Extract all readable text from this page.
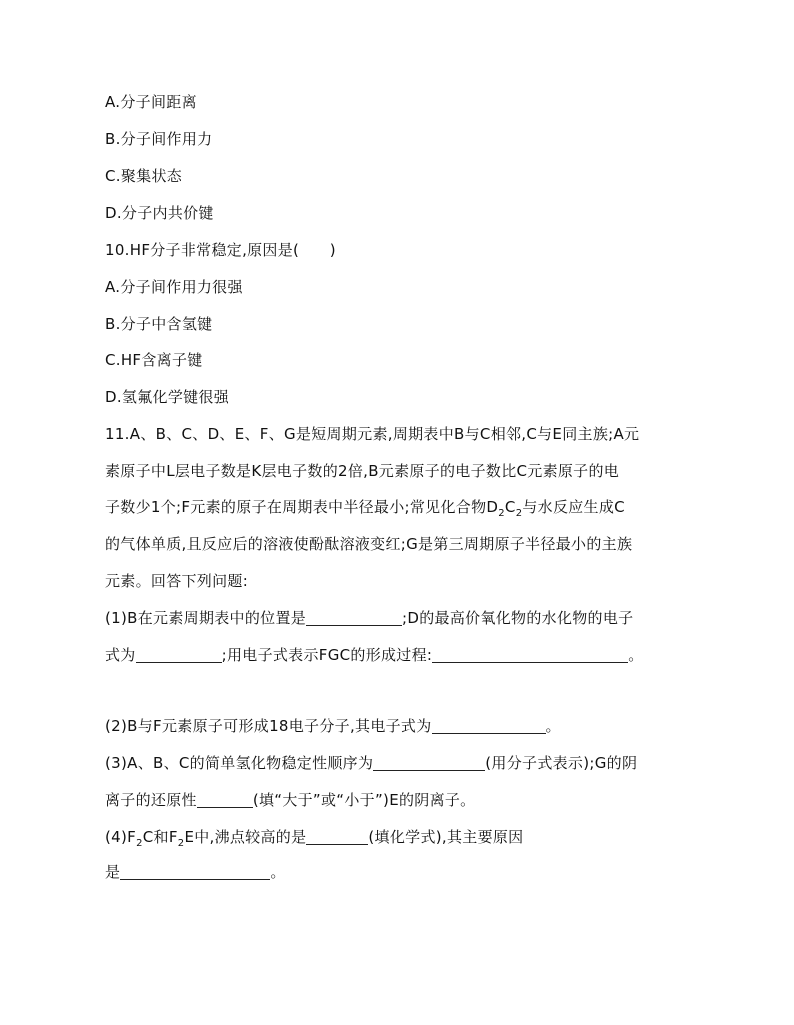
A.分子间距离
B.分子间作用力
C.聚集状态
D.分子内共价键
10.HF分子非常稳定,原因是(　　)
A.分子间作用力很强
B.分子中含氢键
C.HF含离子键
D.氢氟化学键很强
11.A、B、C、D、E、F、G是短周期元素,周期表中B与C相邻,C与E同主族;A元
素原子中L层电子数是K层电子数的2倍,B元素原子的电子数比C元素原子的电
子数少1个;F元素的原子在周期表中半径最小;常见化合物$D_2C_2$与水反应生成C
的气体单质,且反应后的溶液使酚酞溶液变红;G是第三周期原子半径最小的主族
元素。回答下列问题:
(1)B在元素周期表中的位置是	;D的最高价氧化物的水化物的电子
式为	;用电子式表示FGC的形成过程:	。
(2)B与F元素原子可形成18电子分子,其电子式为	。
(3)A、B、C的简单氢化物稳定性顺序为	(用分子式表示);G的阴
离子的还原性	(填“大于”或“小于”)E的阴离子。
$(4)F_2C$和$F_2E$中,沸点较高的是	(填化学式),其主要原因
是	。
